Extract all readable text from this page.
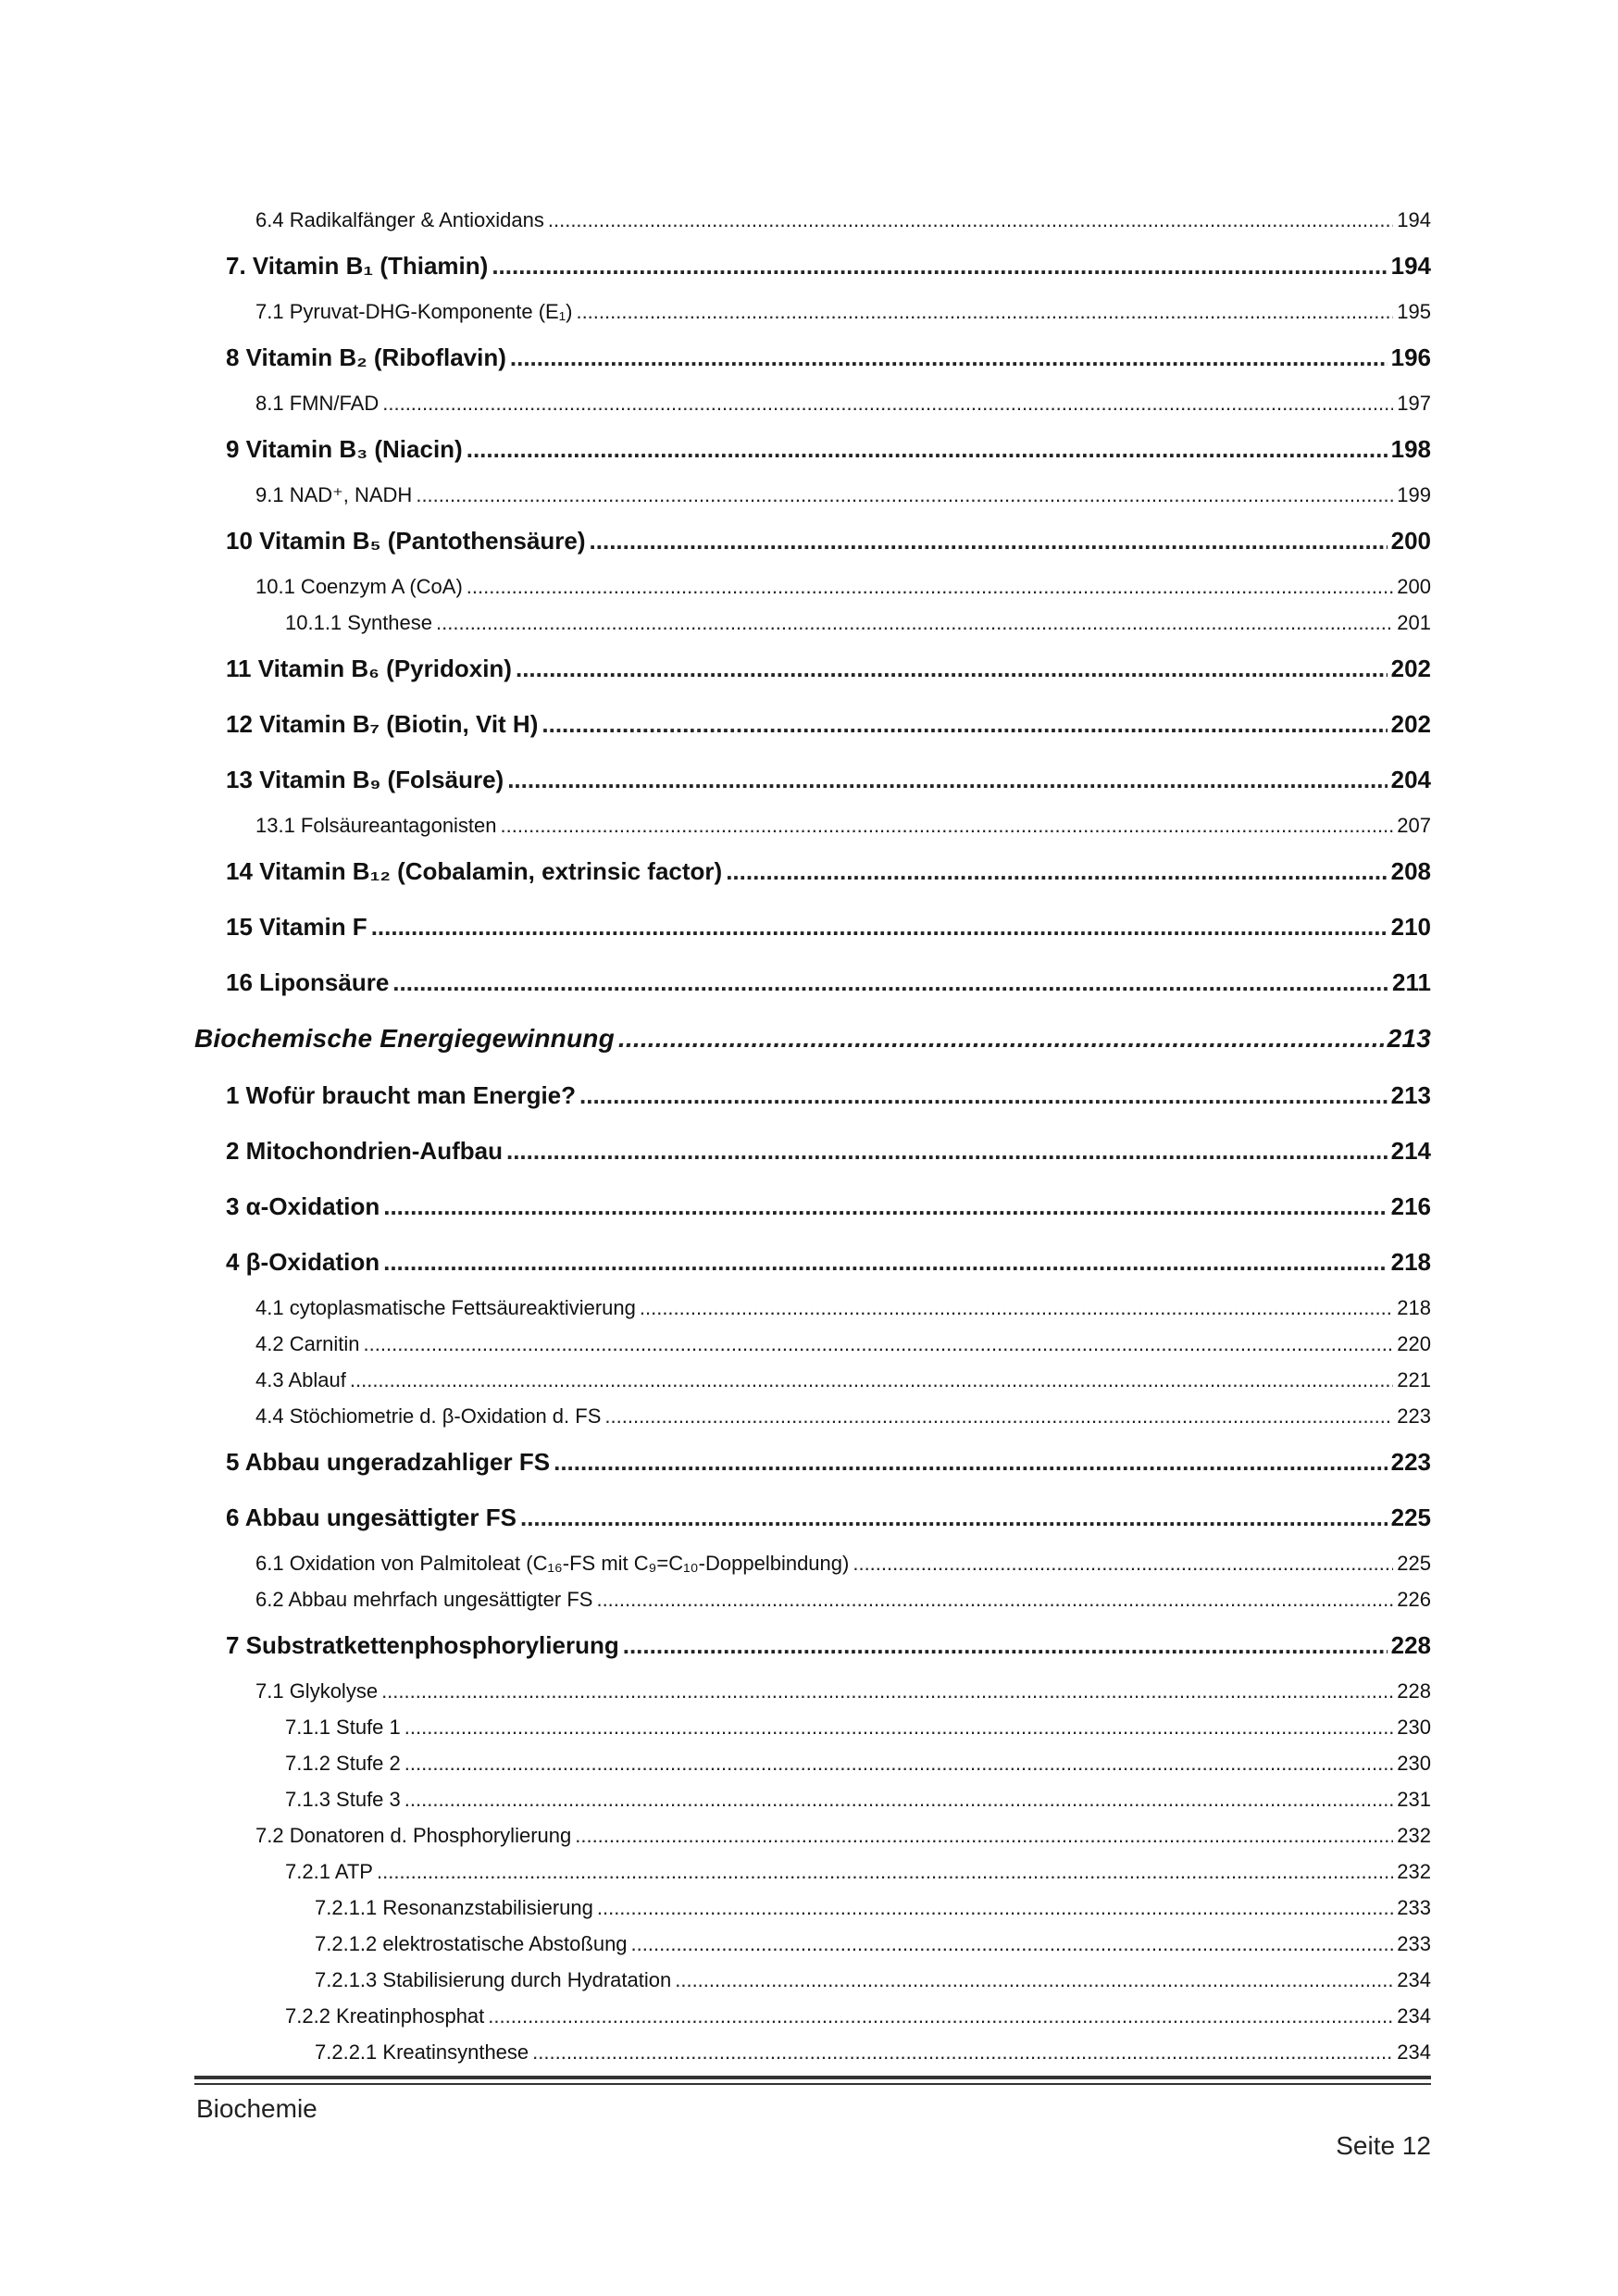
6.4 Radikalfänger & Antioxidans .....	194
7. Vitamin B₁ (Thiamin) .....	194
7.1 Pyruvat-DHG-Komponente (E₁) .....	195
8 Vitamin B₂ (Riboflavin) .....	196
8.1 FMN/FAD .....	197
9 Vitamin B₃ (Niacin) .....	198
9.1 NAD⁺, NADH .....	199
10 Vitamin B₅ (Pantothensäure) .....	200
10.1 Coenzym A (CoA) .....	200
10.1.1 Synthese .....	201
11 Vitamin B₆ (Pyridoxin) .....	202
12 Vitamin B₇ (Biotin, Vit H) .....	202
13 Vitamin B₉ (Folsäure) .....	204
13.1 Folsäureantagonisten .....	207
14 Vitamin B₁₂ (Cobalamin, extrinsic factor) .....	208
15 Vitamin F .....	210
16 Liponsäure .....	211
Biochemische Energiegewinnung .....	213
1 Wofür braucht man Energie? .....	213
2 Mitochondrien-Aufbau .....	214
3 α-Oxidation .....	216
4 β-Oxidation .....	218
4.1 cytoplasmatische Fettsäureaktivierung .....	218
4.2 Carnitin .....	220
4.3 Ablauf .....	221
4.4 Stöchiometrie d. β-Oxidation d. FS .....	223
5 Abbau ungeradzahliger FS .....	223
6 Abbau ungesättigter FS .....	225
6.1 Oxidation von Palmitoleat (C₁₆-FS mit C₉=C₁₀-Doppelbindung) .....	225
6.2 Abbau mehrfach ungesättigter FS .....	226
7 Substratkettenphosphorylierung .....	228
7.1 Glykolyse .....	228
7.1.1 Stufe 1 .....	230
7.1.2 Stufe 2 .....	230
7.1.3 Stufe 3 .....	231
7.2 Donatoren d. Phosphorylierung .....	232
7.2.1 ATP .....	232
7.2.1.1 Resonanzstabilisierung .....	233
7.2.1.2 elektrostatische Abstoßung .....	233
7.2.1.3 Stabilisierung durch Hydratation .....	234
7.2.2 Kreatinphosphat .....	234
7.2.2.1 Kreatinsynthese .....	234
Biochemie
Seite 12
